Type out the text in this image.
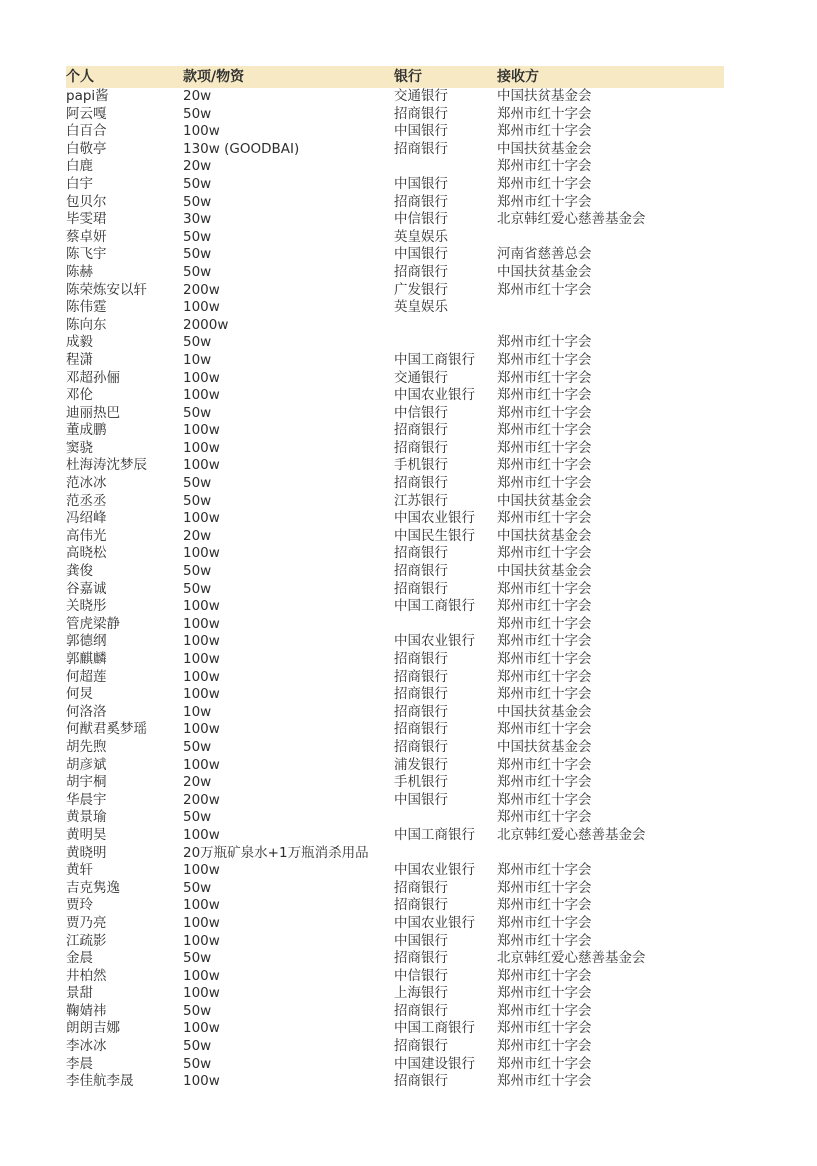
个人	款项/物资	银行	接收方
papi酱	20w	交通银行	中国扶贫基金会
阿云嘎	50w	招商银行	郑州市红十字会
白百合	100w	中国银行	郑州市红十字会
白敬亭	130w (GOODBAI)	招商银行	中国扶贫基金会
白鹿	20w		郑州市红十字会
白宇	50w	中国银行	郑州市红十字会
包贝尔	50w	招商银行	郑州市红十字会
毕雯珺	30w	中信银行	北京韩红爱心慈善基金会
蔡卓妍	50w	英皇娱乐	
陈飞宇	50w	中国银行	河南省慈善总会
陈赫	50w	招商银行	中国扶贫基金会
陈荣炼安以轩	200w	广发银行	郑州市红十字会
陈伟霆	100w	英皇娱乐	
陈向东	2000w		
成毅	50w		郑州市红十字会
程潇	10w	中国工商银行	郑州市红十字会
邓超孙俪	100w	交通银行	郑州市红十字会
邓伦	100w	中国农业银行	郑州市红十字会
迪丽热巴	50w	中信银行	郑州市红十字会
董成鹏	100w	招商银行	郑州市红十字会
窦骁	100w	招商银行	郑州市红十字会
杜海涛沈梦辰	100w	手机银行	郑州市红十字会
范冰冰	50w	招商银行	郑州市红十字会
范丞丞	50w	江苏银行	中国扶贫基金会
冯绍峰	100w	中国农业银行	郑州市红十字会
高伟光	20w	中国民生银行	中国扶贫基金会
高晓松	100w	招商银行	郑州市红十字会
龚俊	50w	招商银行	中国扶贫基金会
谷嘉诚	50w	招商银行	郑州市红十字会
关晓彤	100w	中国工商银行	郑州市红十字会
管虎梁静	100w		郑州市红十字会
郭德纲	100w	中国农业银行	郑州市红十字会
郭麒麟	100w	招商银行	郑州市红十字会
何超莲	100w	招商银行	郑州市红十字会
何炅	100w	招商银行	郑州市红十字会
何洛洛	10w	招商银行	中国扶贫基金会
何猷君奚梦瑶	100w	招商银行	郑州市红十字会
胡先煦	50w	招商银行	中国扶贫基金会
胡彦斌	100w	浦发银行	郑州市红十字会
胡宇桐	20w	手机银行	郑州市红十字会
华晨宇	200w	中国银行	郑州市红十字会
黄景瑜	50w		郑州市红十字会
黄明昊	100w	中国工商银行	北京韩红爱心慈善基金会
黄晓明	20万瓶矿泉水+1万瓶消杀用品		
黄轩	100w	中国农业银行	郑州市红十字会
吉克隽逸	50w	招商银行	郑州市红十字会
贾玲	100w	招商银行	郑州市红十字会
贾乃亮	100w	中国农业银行	郑州市红十字会
江疏影	100w	中国银行	郑州市红十字会
金晨	50w	招商银行	北京韩红爱心慈善基金会
井柏然	100w	中信银行	郑州市红十字会
景甜	100w	上海银行	郑州市红十字会
鞠婧祎	50w	招商银行	郑州市红十字会
朗朗吉娜	100w	中国工商银行	郑州市红十字会
李冰冰	50w	招商银行	郑州市红十字会
李晨	50w	中国建设银行	郑州市红十字会
李佳航李晟	100w	招商银行	郑州市红十字会
